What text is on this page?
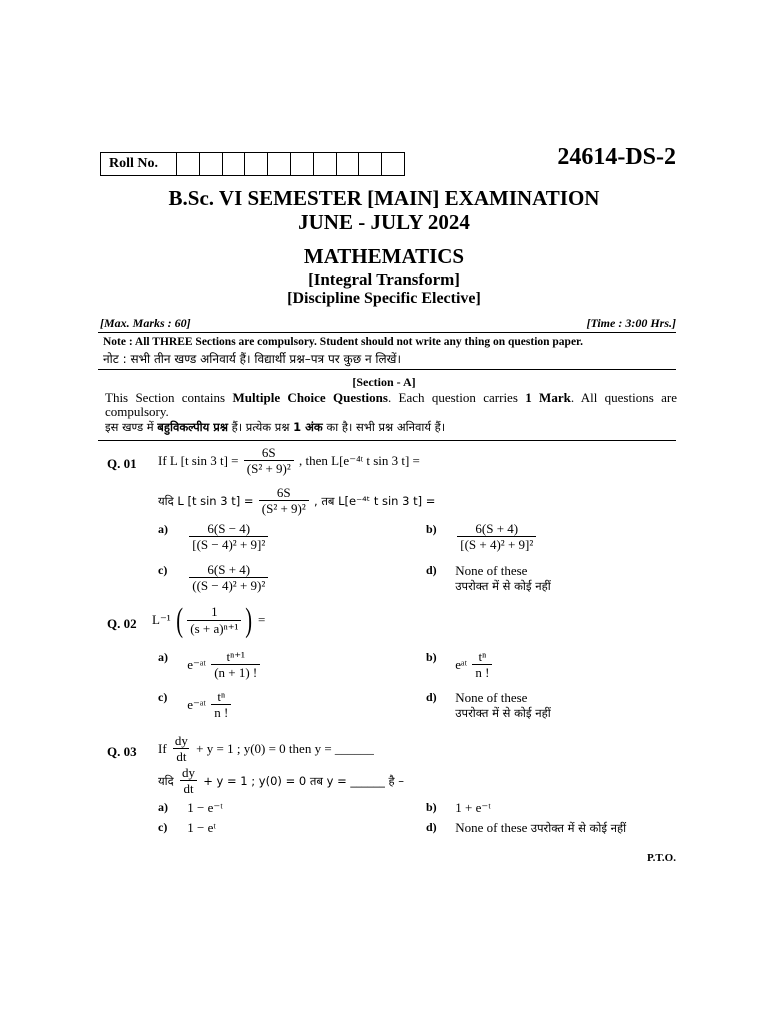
Roll No.	24614-DS-2
B.Sc. VI SEMESTER [MAIN] EXAMINATION
JUNE - JULY 2024
MATHEMATICS
[Integral Transform]
[Discipline Specific Elective]
[Max. Marks : 60]	[Time : 3:00 Hrs.]
Note : All THREE Sections are compulsory. Student should not write any thing on question paper.
नोट : सभी तीन खण्ड अनिवार्य हैं। विद्यार्थी प्रश्न–पत्र पर कुछ न लिखें।
[Section - A]
This Section contains Multiple Choice Questions. Each question carries 1 Mark. All questions are compulsory.
इस खण्ड में बहुविकल्पीय प्रश्न हैं। प्रत्येक प्रश्न 1 अंक का है। सभी प्रश्न अनिवार्य हैं।
Q. 01 If L [t sin 3 $t] = \frac{6S}{\text{(S² + 9)²}}$ , then L[e⁻⁴ᵗ t sin 3 t] =
यदि L [t sin 3 $t] = \frac{6S}{\text{(S² + 9)²}}$ , तब L[e⁻⁴ᵗ t sin 3 t] =
$a) \frac{6(S - 4)}{\text{[(S − 4)² + 9]²}}$	$b) \frac{6(S + 4)}{\text{[(S + 4)² + 9]²}}$
$c) \frac{6(S + 4)}{\text{((S − 4)² + 9)²}}$	d) None of these
उपरोक्त में से कोई नहीं
Q. 02 L⁻¹ ( $\frac{1}{\text{(s + a)ⁿ⁺¹}}$ ) =
a) e⁻ᵃᵗ $\frac{\text{tⁿ⁺¹}}{(n + 1) !}$	b) eᵃᵗ $\frac{\text{tⁿ}}{n !}$
c) e⁻ᵃᵗ $\frac{\text{tⁿ}}{n !}$	d) None of these
उपरोक्त में से कोई नहीं
Q. 03 If $\frac{dy}{dt} + y = 1$ ; y(0) = 0 then y = ______
यदि $\frac{dy}{dt} + y = 1$ ; y(0) = 0 तब y = ______ है –
a) 1 − e⁻ᵗ	b) 1 + e⁻ᵗ
c) 1 − eᵗ	d) None of these उपरोक्त में से कोई नहीं
P.T.O.
